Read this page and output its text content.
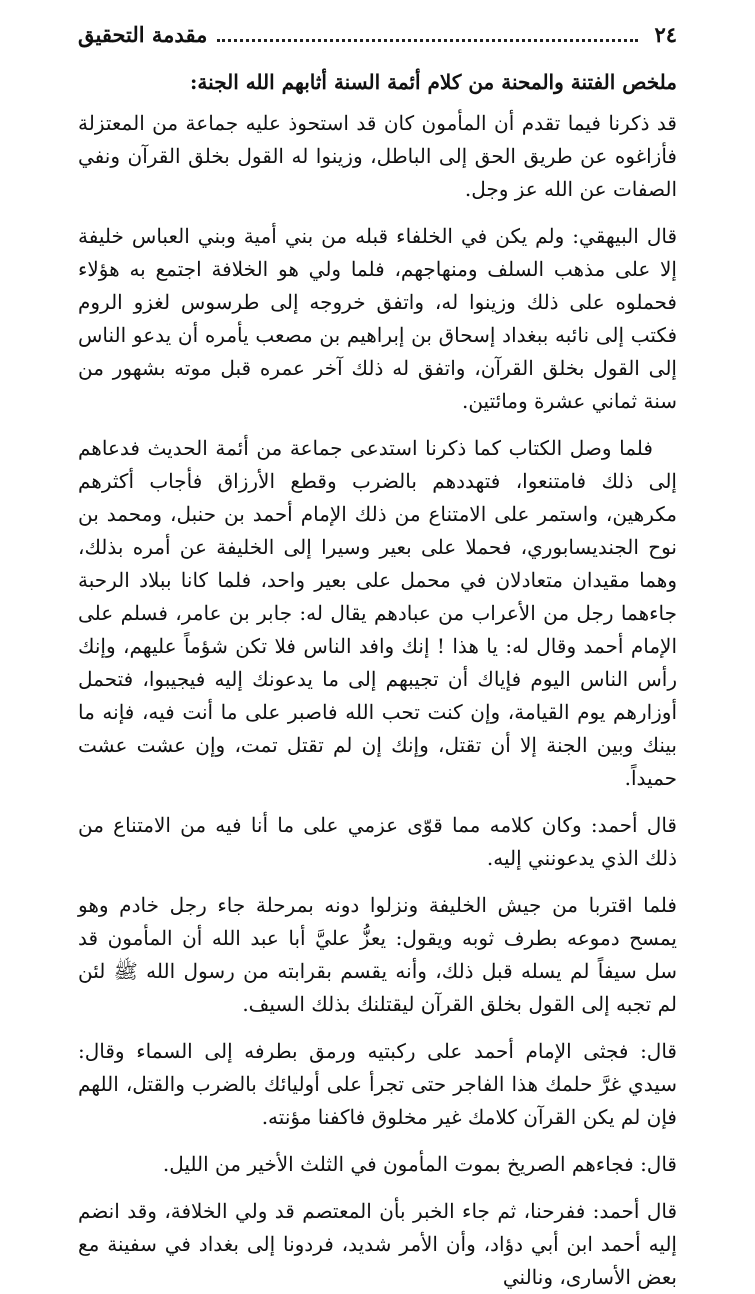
٢٤
مقدمة التحقيق

ملخص الفتنة والمحنة من كلام أئمة السنة أثابهم الله الجنة:

قد ذكرنا فيما تقدم أن المأمون كان قد استحوذ عليه جماعة من المعتزلة فأزاغوه عن طريق الحق إلى الباطل، وزينوا له القول بخلق القرآن ونفي الصفات عن الله عز وجل.

قال البيهقي: ولم يكن في الخلفاء قبله من بني أمية وبني العباس خليفة إلا على مذهب السلف ومنهاجهم، فلما ولي هو الخلافة اجتمع به هؤلاء فحملوه على ذلك وزينوا له، واتفق خروجه إلى طرسوس لغزو الروم فكتب إلى نائبه ببغداد إسحاق بن إبراهيم بن مصعب يأمره أن يدعو الناس إلى القول بخلق القرآن، واتفق له ذلك آخر عمره قبل موته بشهور من سنة ثماني عشرة ومائتين.

فلما وصل الكتاب كما ذكرنا استدعى جماعة من أئمة الحديث فدعاهم إلى ذلك فامتنعوا، فتهددهم بالضرب وقطع الأرزاق فأجاب أكثرهم مكرهين، واستمر على الامتناع من ذلك الإمام أحمد بن حنبل، ومحمد بن نوح الجنديسابوري، فحملا على بعير وسيرا إلى الخليفة عن أمره بذلك، وهما مقيدان متعادلان في محمل على بعير واحد، فلما كانا ببلاد الرحبة جاءهما رجل من الأعراب من عبادهم يقال له: جابر بن عامر، فسلم على الإمام أحمد وقال له: يا هذا ! إنك وافد الناس فلا تكن شؤماً عليهم، وإنك رأس الناس اليوم فإياك أن تجيبهم إلى ما يدعونك إليه فيجيبوا، فتحمل أوزارهم يوم القيامة، وإن كنت تحب الله فاصبر على ما أنت فيه، فإنه ما بينك وبين الجنة إلا أن تقتل، وإنك إن لم تقتل تمت، وإن عشت عشت حميداً.

قال أحمد: وكان كلامه مما قوّى عزمي على ما أنا فيه من الامتناع من ذلك الذي يدعونني إليه.

فلما اقتربا من جيش الخليفة ونزلوا دونه بمرحلة جاء رجل خادم وهو يمسح دموعه بطرف ثوبه ويقول: يعزُّ عليَّ أبا عبد الله أن المأمون قد سل سيفاً لم يسله قبل ذلك، وأنه يقسم بقرابته من رسول الله ﷺ لئن لم تجبه إلى القول بخلق القرآن ليقتلنك بذلك السيف.

قال: فجثى الإمام أحمد على ركبتيه ورمق بطرفه إلى السماء وقال: سيدي غرَّ حلمك هذا الفاجر حتى تجرأ على أوليائك بالضرب والقتل، اللهم فإن لم يكن القرآن كلامك غير مخلوق فاكفنا مؤنته.

قال: فجاءهم الصريخ بموت المأمون في الثلث الأخير من الليل.

قال أحمد: ففرحنا، ثم جاء الخبر بأن المعتصم قد ولي الخلافة، وقد انضم إليه أحمد ابن أبي دؤاد، وأن الأمر شديد، فردونا إلى بغداد في سفينة مع بعض الأسارى، ونالني
